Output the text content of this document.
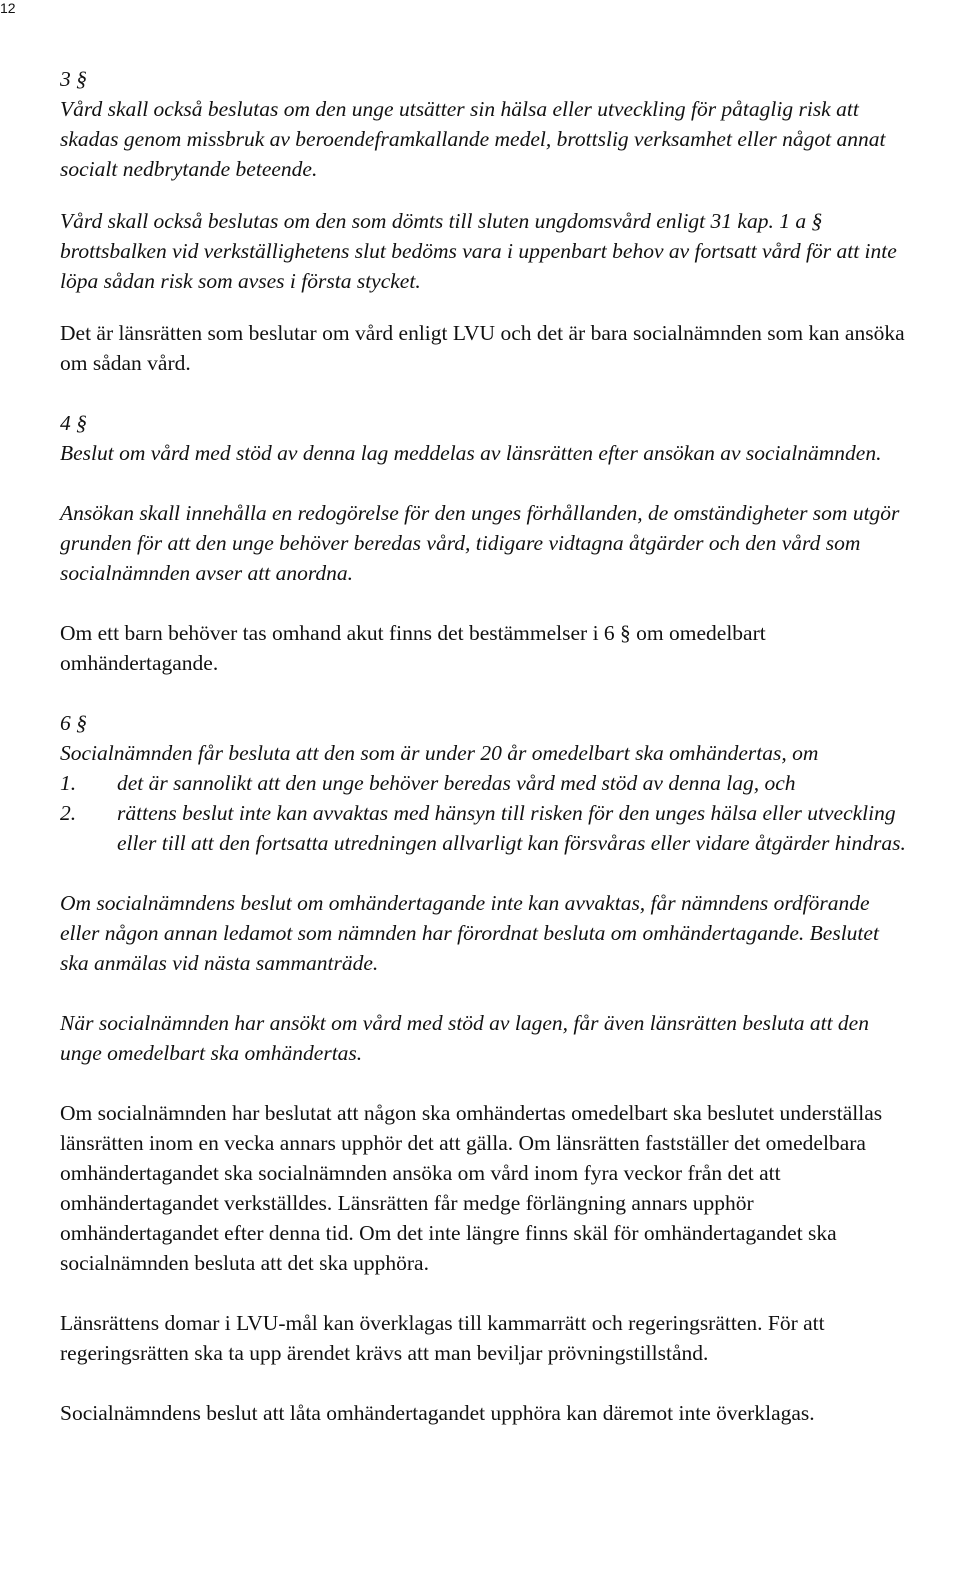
12

3 §

Vård skall också beslutas om den unge utsätter sin hälsa eller utveckling för påtaglig risk att skadas genom missbruk av beroendeframkallande medel, brottslig verksamhet eller något annat socialt nedbrytande beteende.

Vård skall också beslutas om den som dömts till sluten ungdomsvård enligt 31 kap. 1 a § brottsbalken vid verkställighetens slut bedöms vara i uppenbart behov av fortsatt vård för att inte löpa sådan risk som avses i första stycket.

Det är länsrätten som beslutar om vård enligt LVU och det är bara socialnämnden som kan ansöka om sådan vård.

4 §

Beslut om vård med stöd av denna lag meddelas av länsrätten efter ansökan av socialnämnden.

Ansökan skall innehålla en redogörelse för den unges förhållanden, de omständigheter som utgör grunden för att den unge behöver beredas vård, tidigare vidtagna åtgärder och den vård som socialnämnden avser att anordna.

Om ett barn behöver tas omhand akut finns det bestämmelser i 6 § om omedelbart omhändertagande.

6 §

Socialnämnden får besluta att den som är under 20 år omedelbart ska omhändertas, om

1.	det är sannolikt att den unge behöver beredas vård med stöd av denna lag, och
2.	rättens beslut inte kan avvaktas med hänsyn till risken för den unges hälsa eller utveckling eller till att den fortsatta utredningen allvarligt kan försvåras eller vidare åtgärder hindras.

Om socialnämndens beslut om omhändertagande inte kan avvaktas, får nämndens ordförande eller någon annan ledamot som nämnden har förordnat besluta om omhändertagande. Beslutet ska anmälas vid nästa sammanträde.

När socialnämnden har ansökt om vård med stöd av lagen, får även länsrätten besluta att den unge omedelbart ska omhändertas.

Om socialnämnden har beslutat att någon ska omhändertas omedelbart ska beslutet underställas länsrätten inom en vecka annars upphör det att gälla. Om länsrätten fastställer det omedelbara omhändertagandet ska socialnämnden ansöka om vård inom fyra veckor från det att omhändertagandet verkställdes. Länsrätten får medge förlängning annars upphör omhändertagandet efter denna tid. Om det inte längre finns skäl för omhändertagandet ska socialnämnden besluta att det ska upphöra.

Länsrättens domar i LVU-mål kan överklagas till kammarrätt och regeringsrätten. För att regeringsrätten ska ta upp ärendet krävs att man beviljar prövningstillstånd.

Socialnämndens beslut att låta omhändertagandet upphöra kan däremot inte överklagas.
